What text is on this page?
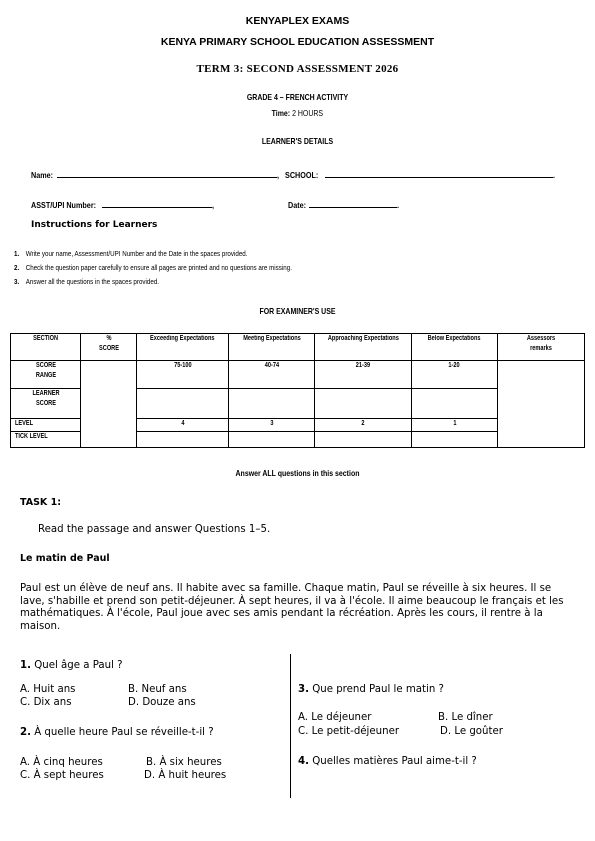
KENYAPLEX EXAMS
KENYA PRIMARY SCHOOL EDUCATION ASSESSMENT
TERM 3: SECOND ASSESSMENT 2026
GRADE 4 – FRENCH ACTIVITY
Time: 2 HOURS
LEARNER'S DETAILS
Name:	, SCHOOL:	.
ASST/UPI Number:	,	Date:	.
Instructions for Learners
1. Write your name, Assessment/UPI Number and the Date in the spaces provided.
2. Check the question paper carefully to ensure all pages are printed and no questions are missing.
3. Answer all the questions in the spaces provided.
FOR EXAMINER'S USE
SECTION	% SCORE	Exceeding Expectations	Meeting Expectations	Approaching Expectations	Below Expectations	Assessors remarks
SCORE RANGE		75-100	40-74	21-39	1-20	
LEARNER SCORE						
LEVEL		4	3	2	1	
TICK LEVEL						
Answer ALL questions in this section
TASK 1:
Read the passage and answer Questions 1–5.
Le matin de Paul
Paul est un élève de neuf ans. Il habite avec sa famille. Chaque matin, Paul se réveille à six heures. Il se lave, s'habille et prend son petit-déjeuner. À sept heures, il va à l'école. Il aime beaucoup le français et les mathématiques. À l'école, Paul joue avec ses amis pendant la récréation. Après les cours, il rentre à la maison.
1. Quel âge a Paul ?
A. Huit ans	B. Neuf ans
C. Dix ans	D. Douze ans
2. À quelle heure Paul se réveille-t-il ?
A. À cinq heures	B. À six heures
C. À sept heures	D. À huit heures
3. Que prend Paul le matin ?
A. Le déjeuner	B. Le dîner
C. Le petit-déjeuner	D. Le goûter
4. Quelles matières Paul aime-t-il ?
